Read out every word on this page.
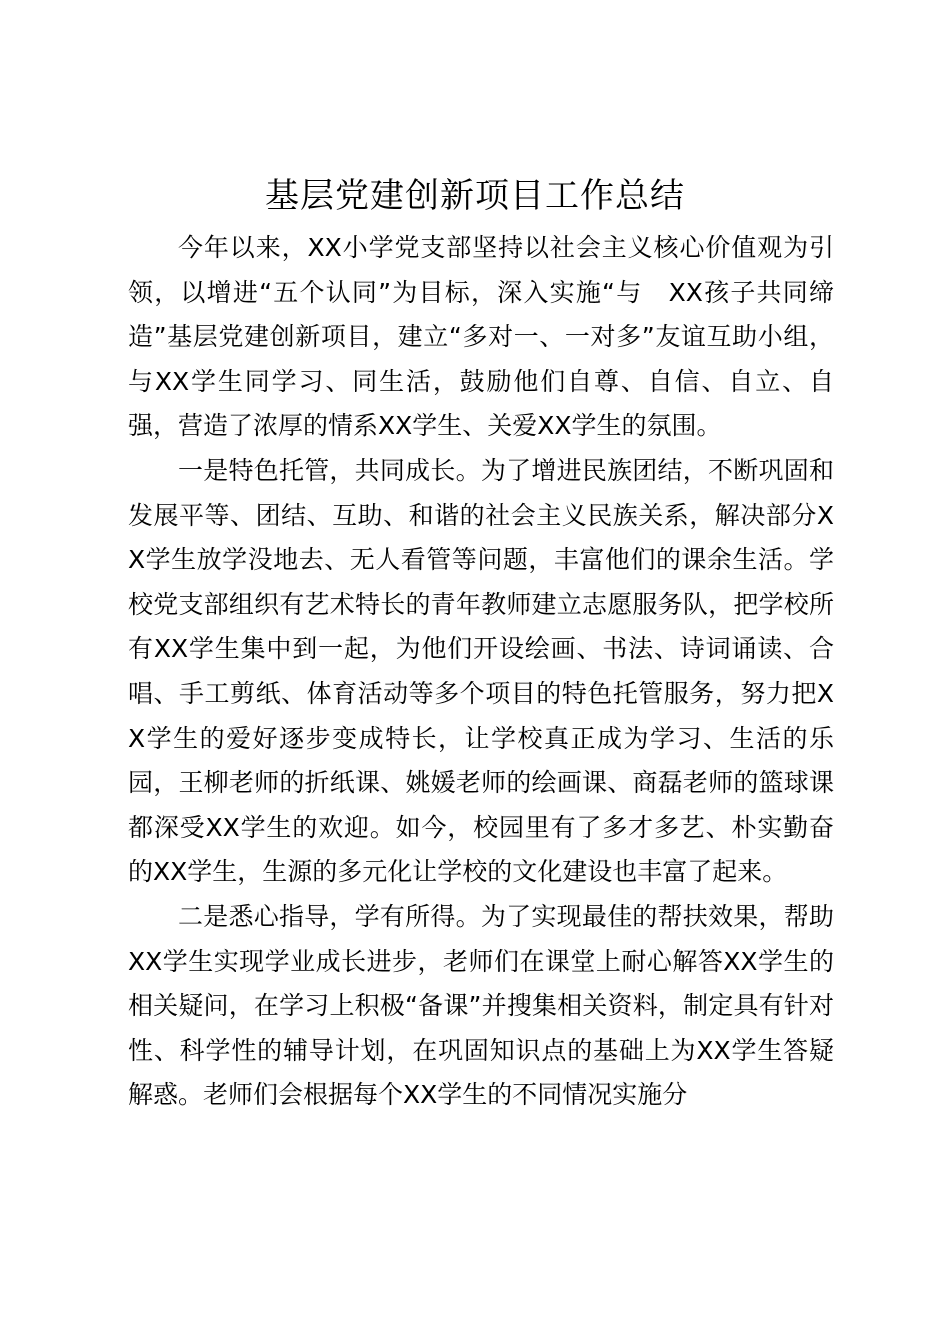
基层党建创新项目工作总结

今年以来，XX小学党支部坚持以社会主义核心价值观为引领，以增进“五个认同”为目标，深入实施“与　XX孩子共同缔造”基层党建创新项目，建立“多对一、一对多”友谊互助小组，与XX学生同学习、同生活，鼓励他们自尊、自信、自立、自强，营造了浓厚的情系XX学生、关爱XX学生的氛围。

一是特色托管，共同成长。为了增进民族团结，不断巩固和发展平等、团结、互助、和谐的社会主义民族关系，解决部分XX学生放学没地去、无人看管等问题，丰富他们的课余生活。学校党支部组织有艺术特长的青年教师建立志愿服务队，把学校所有XX学生集中到一起，为他们开设绘画、书法、诗词诵读、合唱、手工剪纸、体育活动等多个项目的特色托管服务，努力把XX学生的爱好逐步变成特长，让学校真正成为学习、生活的乐园，王柳老师的折纸课、姚媛老师的绘画课、商磊老师的篮球课都深受XX学生的欢迎。如今，校园里有了多才多艺、朴实勤奋的XX学生，生源的多元化让学校的文化建设也丰富了起来。

二是悉心指导，学有所得。为了实现最佳的帮扶效果，帮助XX学生实现学业成长进步，老师们在课堂上耐心解答XX学生的相关疑问，在学习上积极“备课”并搜集相关资料，制定具有针对性、科学性的辅导计划，在巩固知识点的基础上为XX学生答疑解惑。老师们会根据每个XX学生的不同情况实施分
